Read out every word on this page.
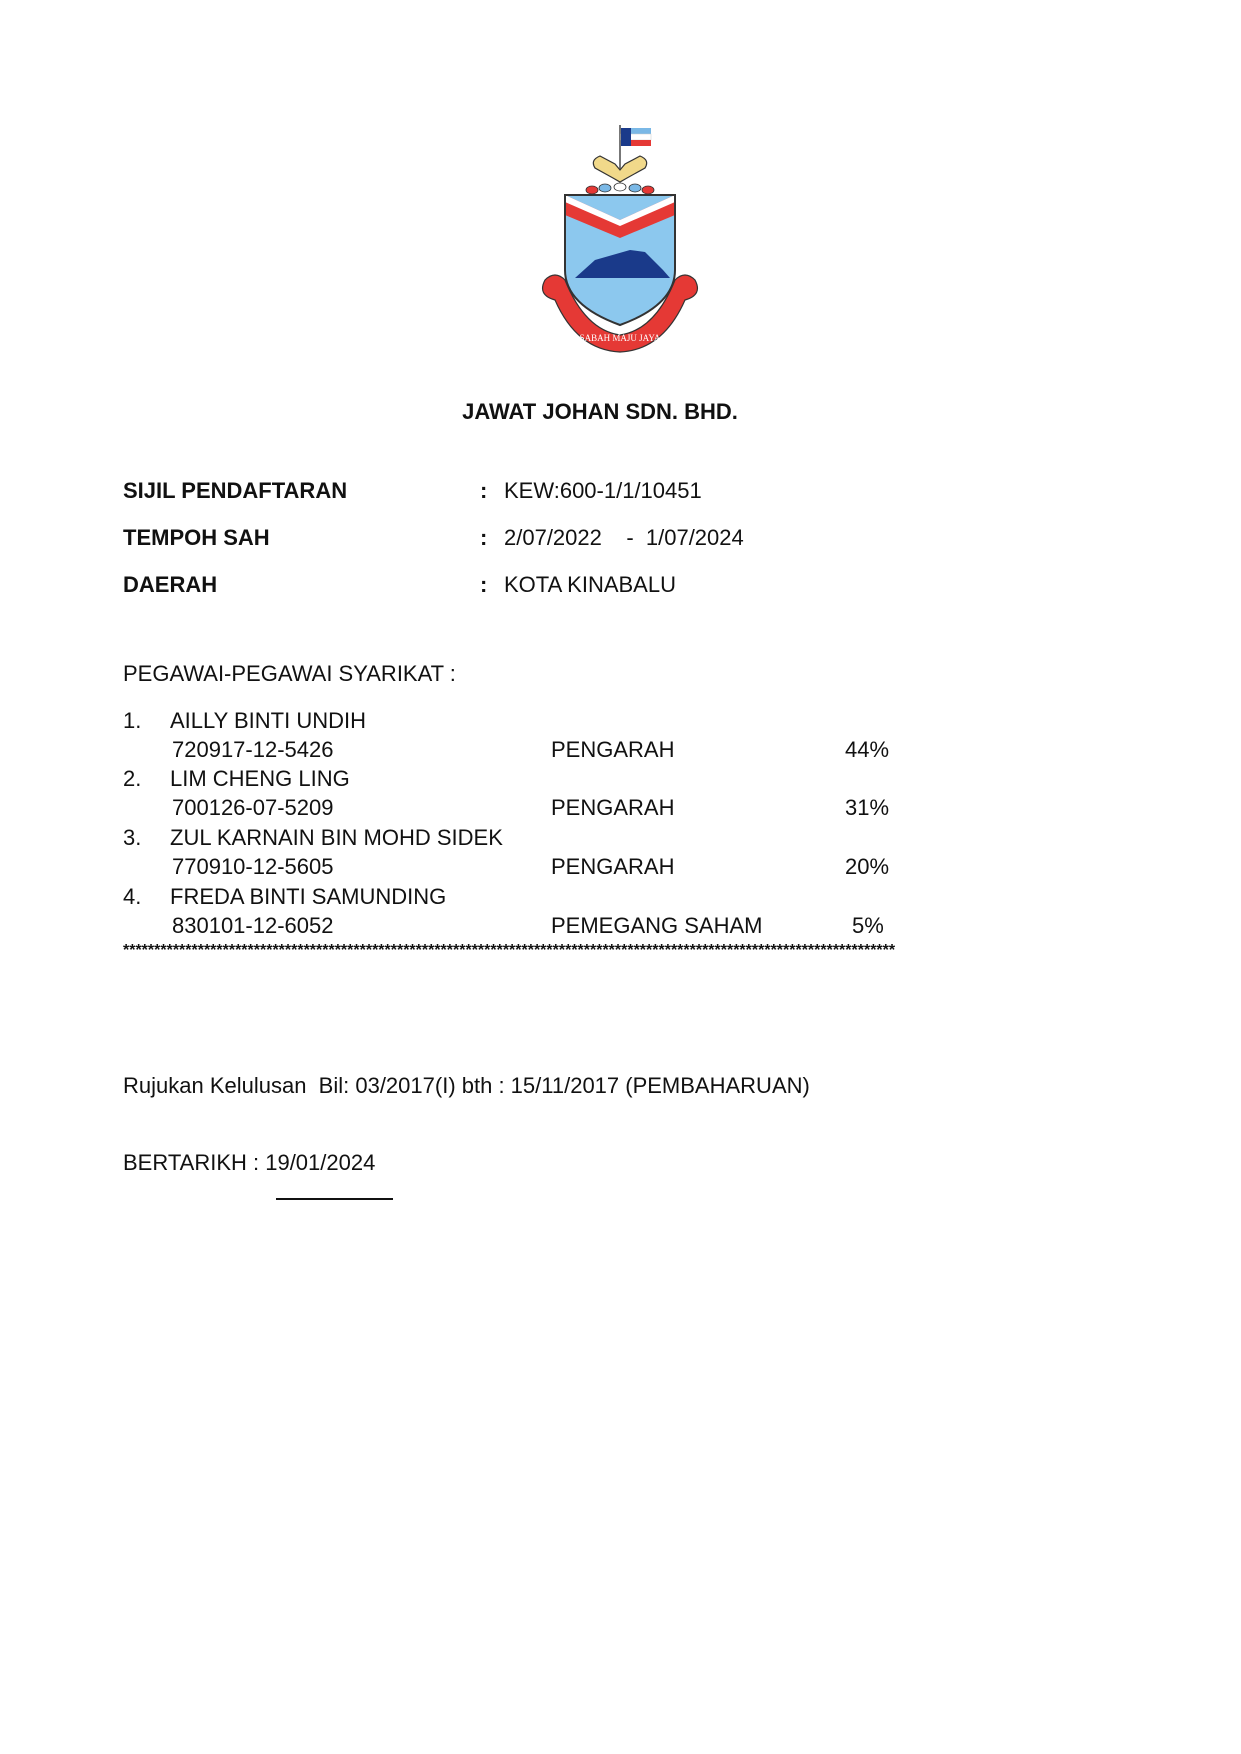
SABAH MAJU JAYA
JAWAT JOHAN SDN. BHD.
SIJIL PENDAFTARAN	: KEW:600-1/1/10451
TEMPOH SAH	: 2/07/2022    -  1/07/2024
DAERAH	: KOTA KINABALU
PEGAWAI-PEGAWAI SYARIKAT :
1. AILLY BINTI UNDIH
720917-12-5426	PENGARAH	44%
2. LIM CHENG LING
700126-07-5209	PENGARAH	31%
3. ZUL KARNAIN BIN MOHD SIDEK
770910-12-5605	PENGARAH	20%
4. FREDA BINTI SAMUNDING
830101-12-6052	PEMEGANG SAHAM	5%
****************************************************************************************************************************
Rujukan Kelulusan  Bil: 03/2017(I) bth : 15/11/2017 (PEMBAHARUAN)
BERTARIKH : 19/01/2024
